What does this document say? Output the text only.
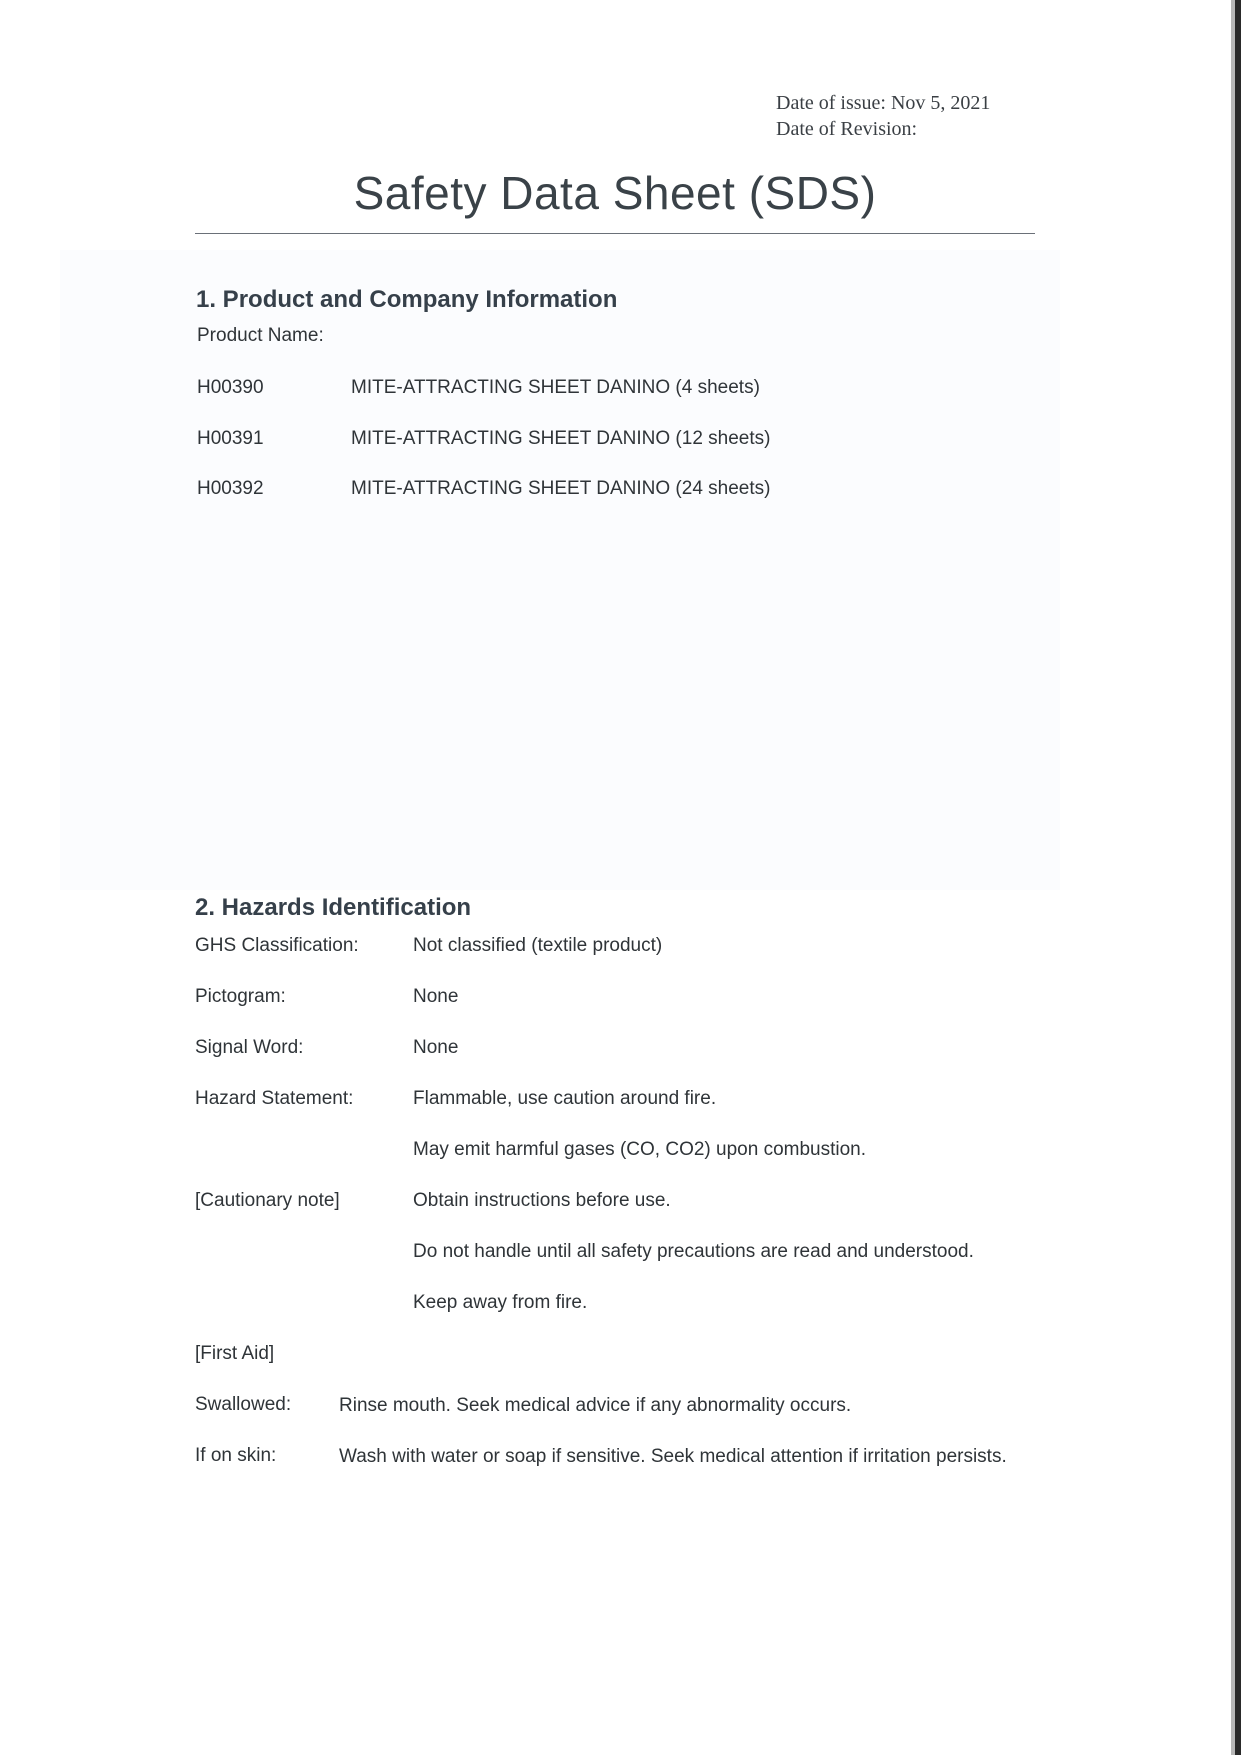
Date of issue: Nov 5, 2021
Date of Revision:
Safety Data Sheet (SDS)
1. Product and Company Information
Product Name:
H00390	MITE-ATTRACTING SHEET DANINO (4 sheets)
H00391	MITE-ATTRACTING SHEET DANINO (12 sheets)
H00392	MITE-ATTRACTING SHEET DANINO (24 sheets)
2. Hazards Identification
GHS Classification:	Not classified (textile product)
Pictogram:	None
Signal Word:	None
Hazard Statement:	Flammable, use caution around fire.
May emit harmful gases (CO, CO2) upon combustion.
[Cautionary note]	Obtain instructions before use.
Do not handle until all safety precautions are read and understood.
Keep away from fire.
[First Aid]
Swallowed:	Rinse mouth. Seek medical advice if any abnormality occurs.
If on skin:	Wash with water or soap if sensitive. Seek medical attention if irritation persists.
